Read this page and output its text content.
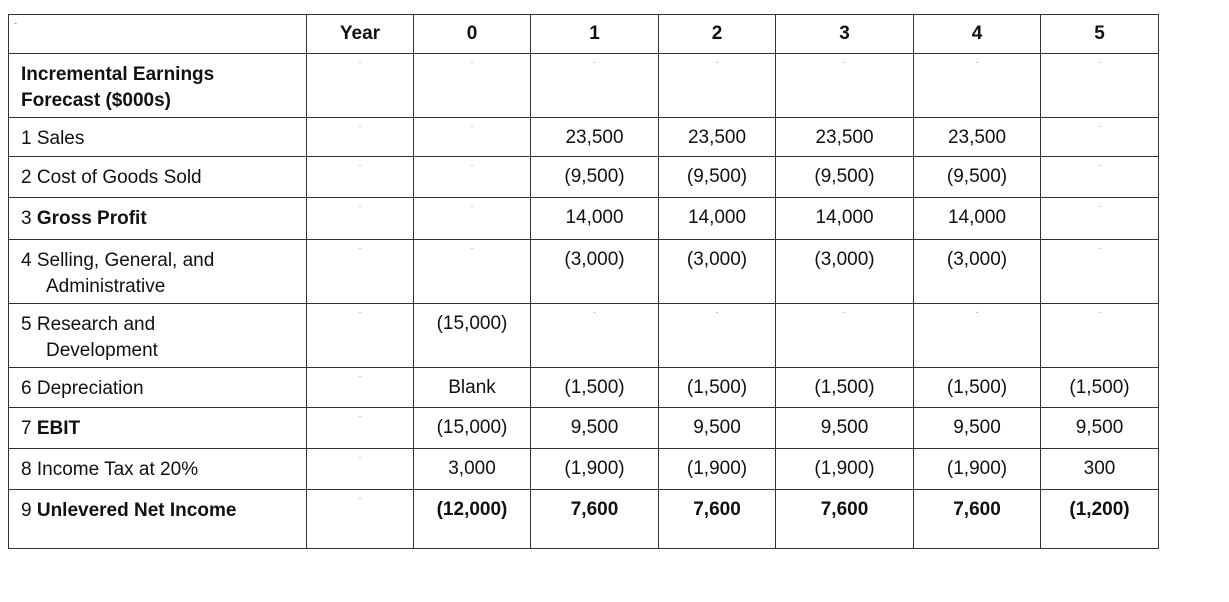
-	Year	0	1	2	3	4	5
Incremental Earnings Forecast ($000s)	-	-	-	-	-	-	-

1 Sales	-	-	23,500	23,500	23,500	23,500	-

2 Cost of Goods Sold	-	-	(9,500)	(9,500)	(9,500)	(9,500)	-

3 Gross Profit	-	-	14,000	14,000	14,000	14,000	-

4 Selling, General, and
Administrative	-	-	(3,000)	(3,000)	(3,000)	(3,000)	-

5 Research and
Development	-	(15,000)	-	-	-	-	-

6 Depreciation	-	Blank	(1,500)	(1,500)	(1,500)	(1,500)	(1,500)
7 EBIT	-	(15,000)	9,500	9,500	9,500	9,500	9,500
8 Income Tax at 20%	-	3,000	(1,900)	(1,900)	(1,900)	(1,900)	300
9 Unlevered Net Income	-	(12,000)	7,600	7,600	7,600	7,600	(1,200)
